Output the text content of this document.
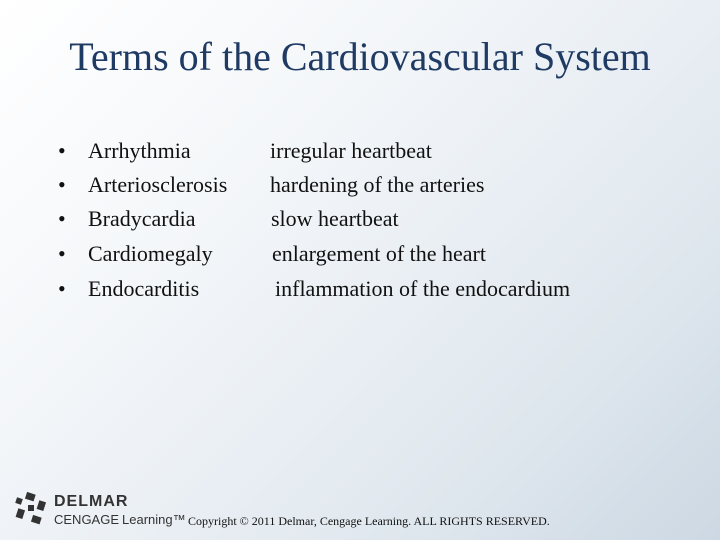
Terms of the Cardiovascular System
• Arrhythmia	irregular heartbeat
• Arteriosclerosis hardening of the arteries
• Bradycardia	slow heartbeat
• Cardiomegaly	enlargement of the heart
• Endocarditis	inflammation of the endocardium
DELMAR
CENGAGE Learning™ Copyright © 2011 Delmar, Cengage Learning. ALL RIGHTS RESERVED.
